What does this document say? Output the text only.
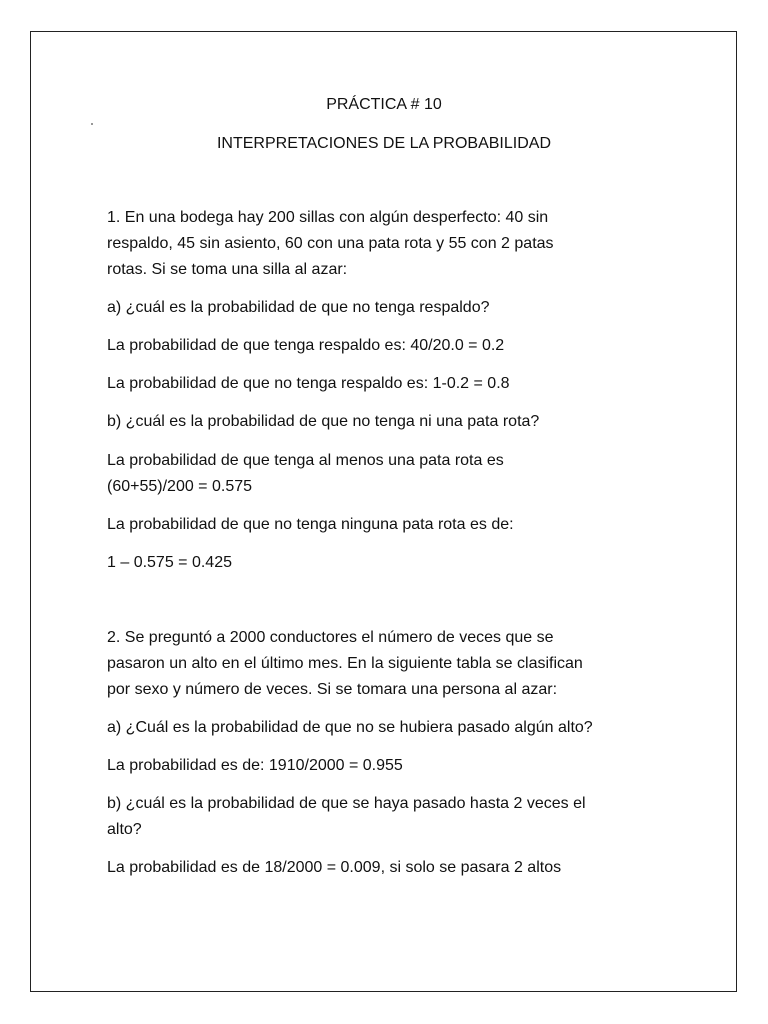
PRÁCTICA # 10
INTERPRETACIONES DE LA PROBABILIDAD
1. En una bodega hay 200 sillas con algún desperfecto: 40 sin
respaldo, 45 sin asiento, 60 con una pata rota y 55 con 2 patas
rotas. Si se toma una silla al azar:
a) ¿cuál es la probabilidad de que no tenga respaldo?
La probabilidad de que tenga respaldo es: 40/20.0 = 0.2
La probabilidad de que no tenga respaldo es: 1-0.2 = 0.8
b) ¿cuál es la probabilidad de que no tenga ni una pata rota?
La probabilidad de que tenga al menos una pata rota es
(60+55)/200 = 0.575
La probabilidad de que no tenga ninguna pata rota es de:
1 – 0.575 = 0.425
2. Se preguntó a 2000 conductores el número de veces que se
pasaron un alto en el último mes. En la siguiente tabla se clasifican
por sexo y número de veces. Si se tomara una persona al azar:
a) ¿Cuál es la probabilidad de que no se hubiera pasado algún alto?
La probabilidad es de: 1910/2000 = 0.955
b) ¿cuál es la probabilidad de que se haya pasado hasta 2 veces el
alto?
La probabilidad es de 18/2000 = 0.009, si solo se pasara 2 altos
